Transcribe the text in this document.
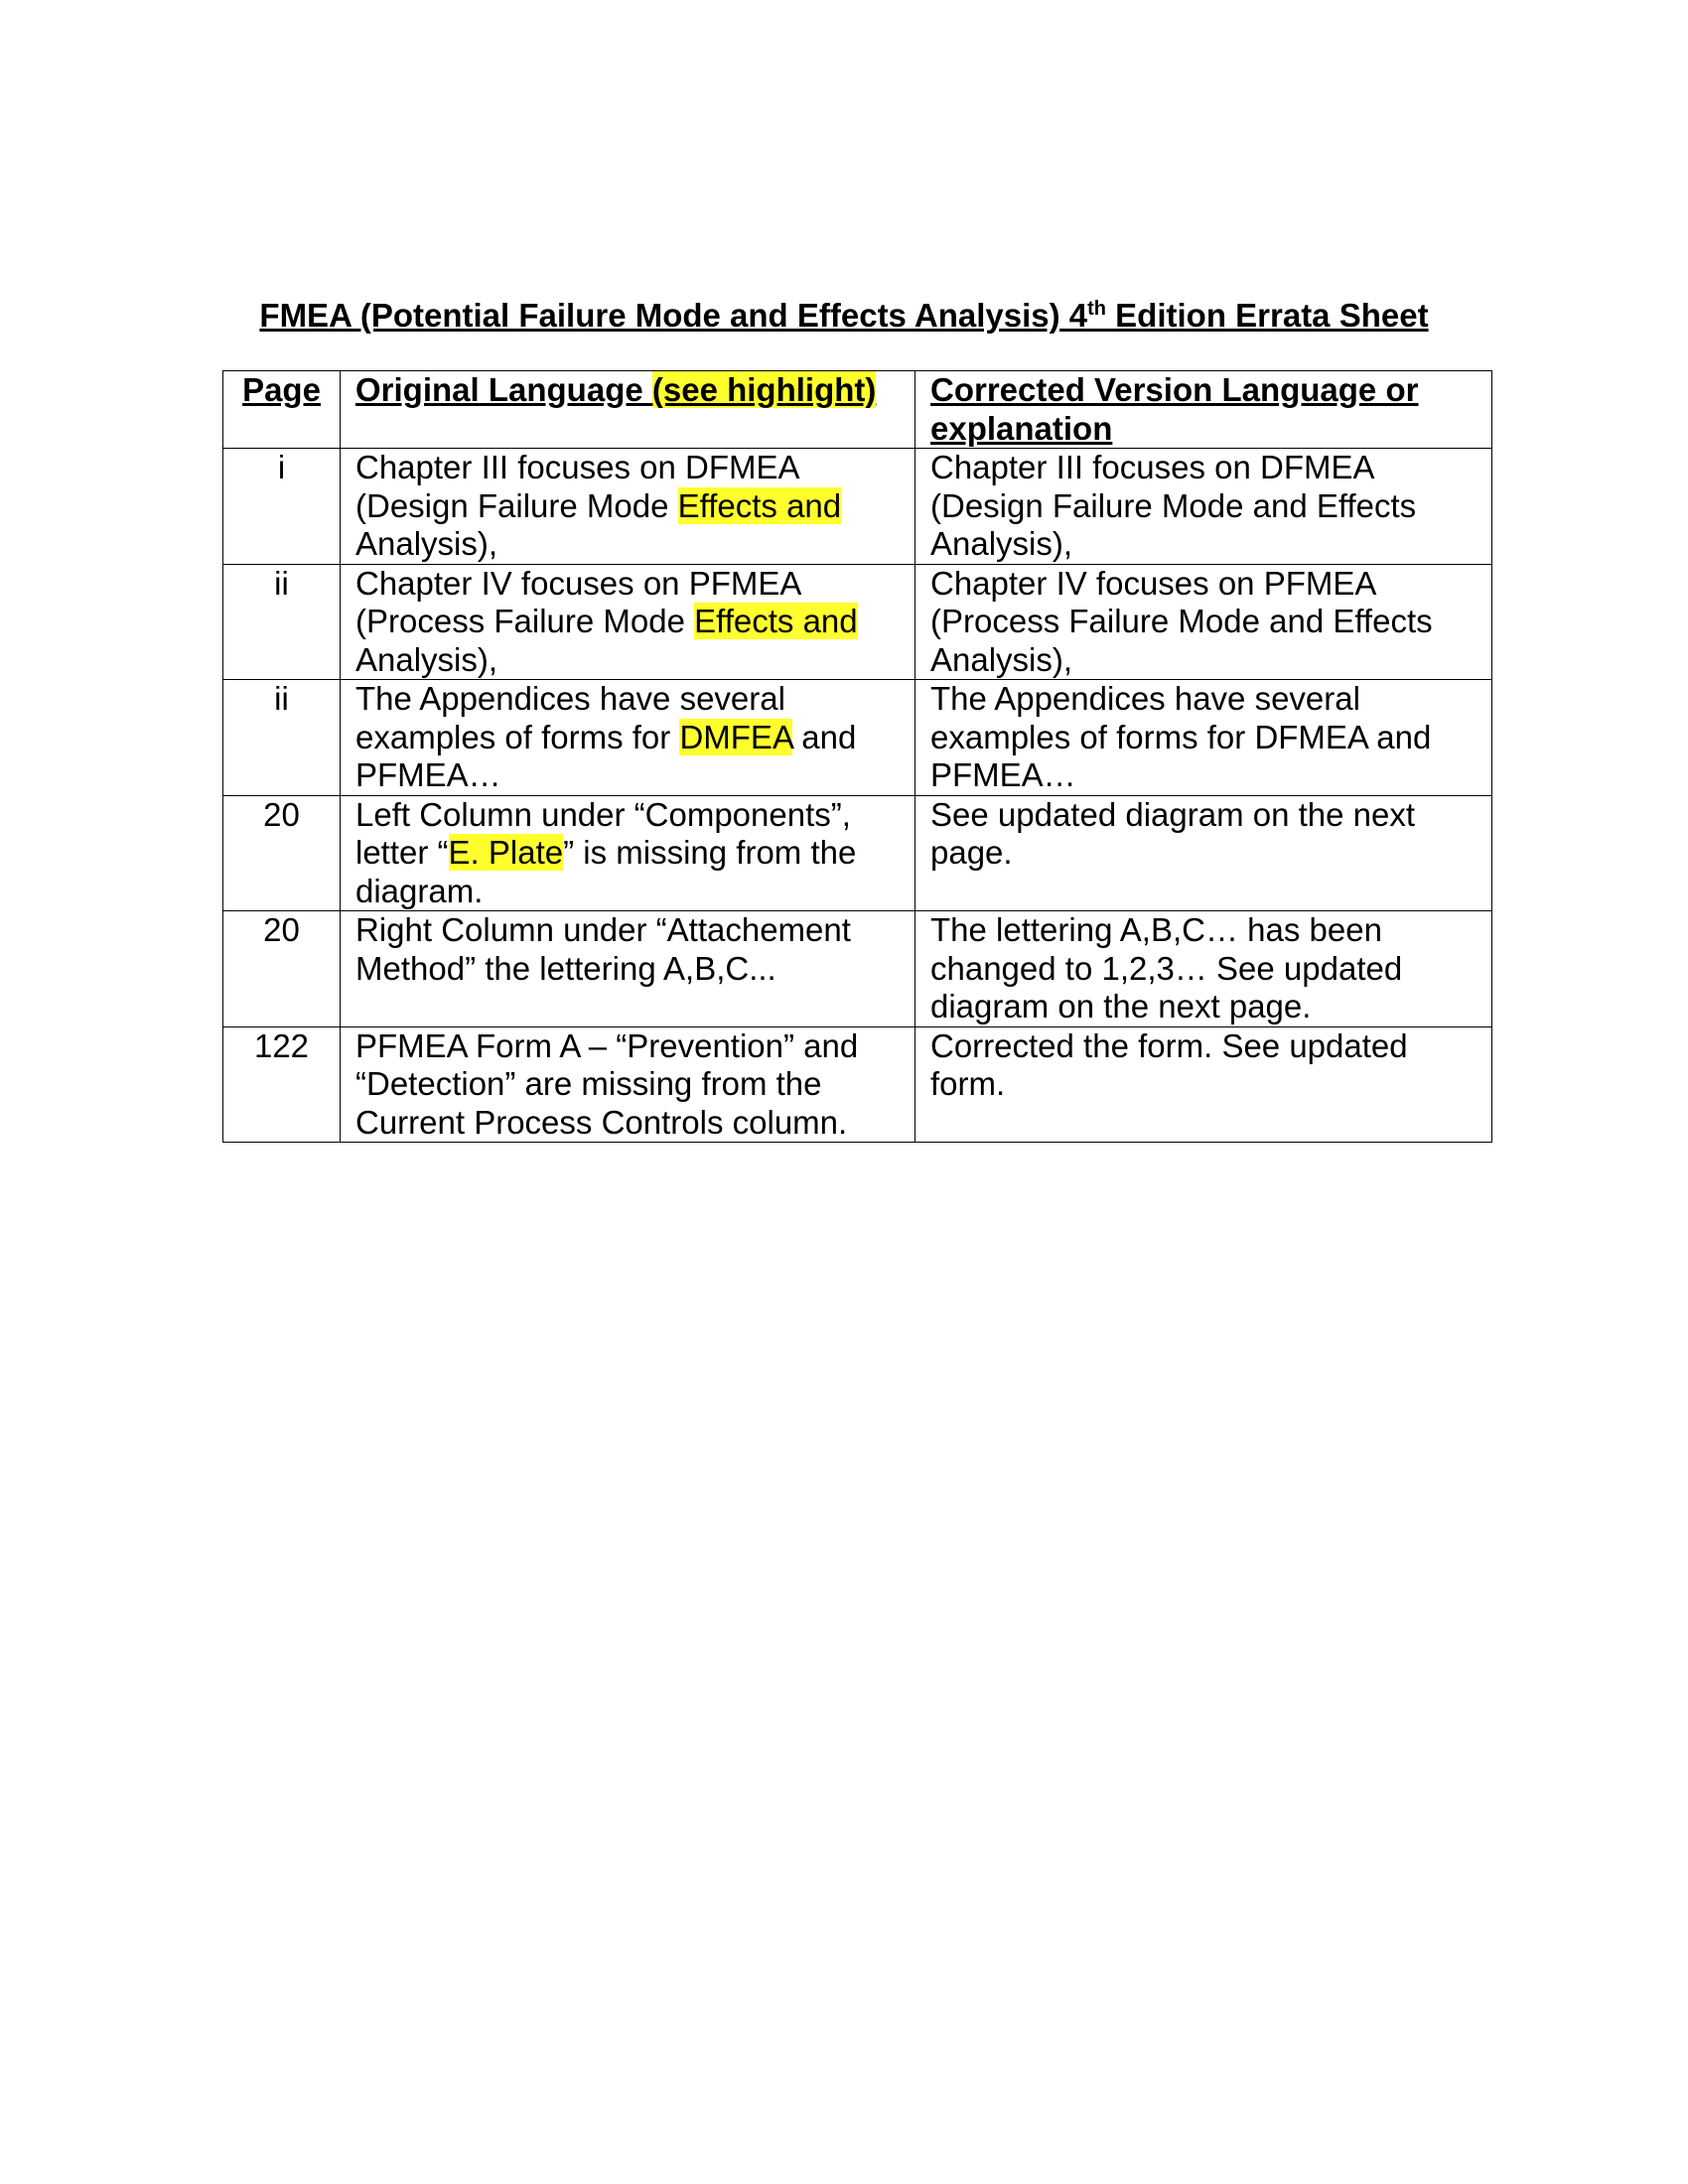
FMEA (Potential Failure Mode and Effects Analysis) 4th Edition Errata Sheet
Page	Original Language (see highlight)	Corrected Version Language or explanation
i	Chapter III focuses on DFMEA (Design Failure Mode Effects and Analysis),	Chapter III focuses on DFMEA (Design Failure Mode and Effects Analysis),
ii	Chapter IV focuses on PFMEA (Process Failure Mode Effects and Analysis),	Chapter IV focuses on PFMEA (Process Failure Mode and Effects Analysis),
ii	The Appendices have several examples of forms for DMFEA and PFMEA…	The Appendices have several examples of forms for DFMEA and PFMEA…
20	Left Column under “Components”, letter “E. Plate” is missing from the diagram.	See updated diagram on the next page.
20	Right Column under “Attachement Method” the lettering A,B,C...	The lettering A,B,C… has been changed to 1,2,3… See updated diagram on the next page.
122	PFMEA Form A – “Prevention” and “Detection” are missing from the Current Process Controls column.	Corrected the form. See updated form.
